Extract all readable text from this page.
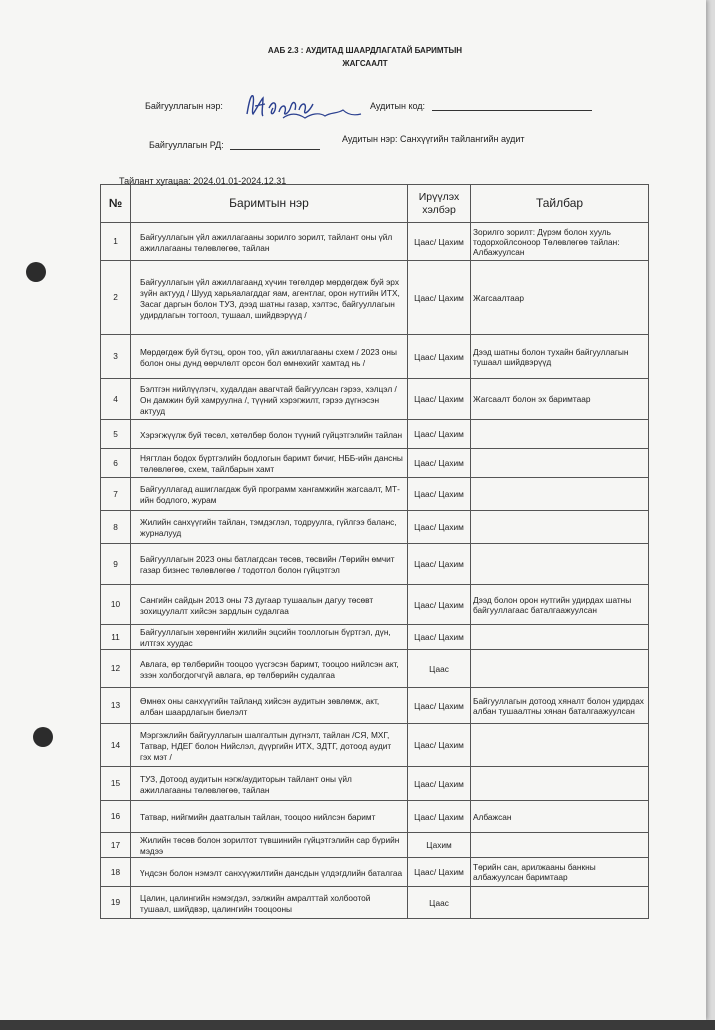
ААБ 2.3 : АУДИТАД ШААРДЛАГАТАЙ БАРИМТЫН
ЖАГСААЛТ
Байгууллагын нэр:	Аудитын код:
Байгууллагын РД:
Аудитын нэр: Санхүүгийн тайлангийн аудит
Тайлант хугацаа: 2024.01.01-2024.12.31
№	Баримтын нэр	Ирүүлэх хэлбэр	Тайлбар
1	Байгууллагын үйл ажиллагааны зорилго зорилт, тайлант оны үйл ажиллагааны төлөвлөгөө, тайлан	Цаас/ Цахим	Зорилго зорилт: Дүрэм болон хууль тодорхойлсоноор Төлөвлөгөө тайлан: Албажуулсан
2	Байгууллагын үйл ажиллагаанд хүчин төгөлдөр мөрдөгдөж буй эрх зүйн актууд / Шууд харьяалагддаг яам, агентлаг, орон нутгийн ИТХ, Засаг даргын болон ТУЗ, дээд шатны газар, хэлтэс, байгууллагын удирдлагын тогтоол, тушаал, шийдвэрүүд /	Цаас/ Цахим	Жагсаалтаар
3	Мөрдөгдөж буй бүтэц, орон тоо, үйл ажиллагааны схем / 2023 оны болон оны дунд өөрчлөлт орсон бол өмнөхийг хамтад нь /	Цаас/ Цахим	Дээд шатны болон тухайн байгууллагын тушаал шийдвэрүүд
4	Бэлтгэн нийлүүлэгч, худалдан авагчтай байгуулсан гэрээ, хэлцэл / Он дамжин буй хамруулна /, түүний хэрэгжилт, гэрээ дүгнэсэн актууд	Цаас/ Цахим	Жагсаалт болон эх баримтаар
5	Хэрэгжүүлж буй төсөл, хөтөлбөр болон түүний гүйцэтгэлийн тайлан	Цаас/ Цахим	
6	Нягтлан бодох бүртгэлийн бодлогын баримт бичиг, НББ-ийн дансны төлөвлөгөө, схем, тайлбарын хамт	Цаас/ Цахим	
7	Байгууллагад ашиглагдаж буй программ хангамжийн жагсаалт, МТ-ийн бодлого, журам	Цаас/ Цахим	
8	Жилийн санхүүгийн тайлан, тэмдэглэл, тодруулга, гүйлгээ баланс, журналууд	Цаас/ Цахим	
9	Байгууллагын 2023 оны батлагдсан төсөв, төсвийн /Төрийн өмчит газар бизнес төлөвлөгөө / тодотгол болон гүйцэтгэл	Цаас/ Цахим	
10	Сангийн сайдын 2013 оны 73 дугаар тушаалын дагуу төсөвт зохицуулалт хийсэн зардлын судалгаа	Цаас/ Цахим	Дээд болон орон нутгийн удирдах шатны байгууллагаас баталгаажуулсан
11	Байгууллагын хөрөнгийн жилийн эцсийн тооллогын бүртгэл, дүн, илтгэх хуудас	Цаас/ Цахим	
12	Авлага, өр төлбөрийн тооцоо үүсгэсэн баримт, тооцоо нийлсэн акт, эзэн холбогдогчгүй авлага, өр төлбөрийн судалгаа	Цаас	
13	Өмнөх оны санхүүгийн тайланд хийсэн аудитын зөвлөмж, акт, албан шаардлагын биелэлт	Цаас/ Цахим	Байгууллагын дотоод хяналт болон удирдах албан тушаалтны хянан баталгаажуулсан
14	Мэргэжлийн байгууллагын шалгалтын дүгнэлт, тайлан /СЯ, МХГ, Татвар, НДЕГ болон Нийслэл, дүүргийн ИТХ, ЗДТГ, дотоод аудит гэх мэт /	Цаас/ Цахим	
15	ТУЗ, Дотоод аудитын нэгж/аудиторын тайлант оны үйл ажиллагааны төлөвлөгөө, тайлан	Цаас/ Цахим	
16	Татвар, нийгмийн даатгалын тайлан, тооцоо нийлсэн баримт	Цаас/ Цахим	Албажсан
17	Жилийн төсөв болон зорилтот түвшинийн гүйцэтгэлийн сар бүрийн мэдээ	Цахим	
18	Үндсэн болон нэмэлт санхүүжилтийн дансдын үлдэгдлийн баталгаа	Цаас/ Цахим	Төрийн сан, арилжааны банкны албажуулсан баримтаар
19	Цалин, цалингийн нэмэгдэл, ээлжийн амралттай холбоотой тушаал, шийдвэр, цалингийн тооцооны	Цаас	
